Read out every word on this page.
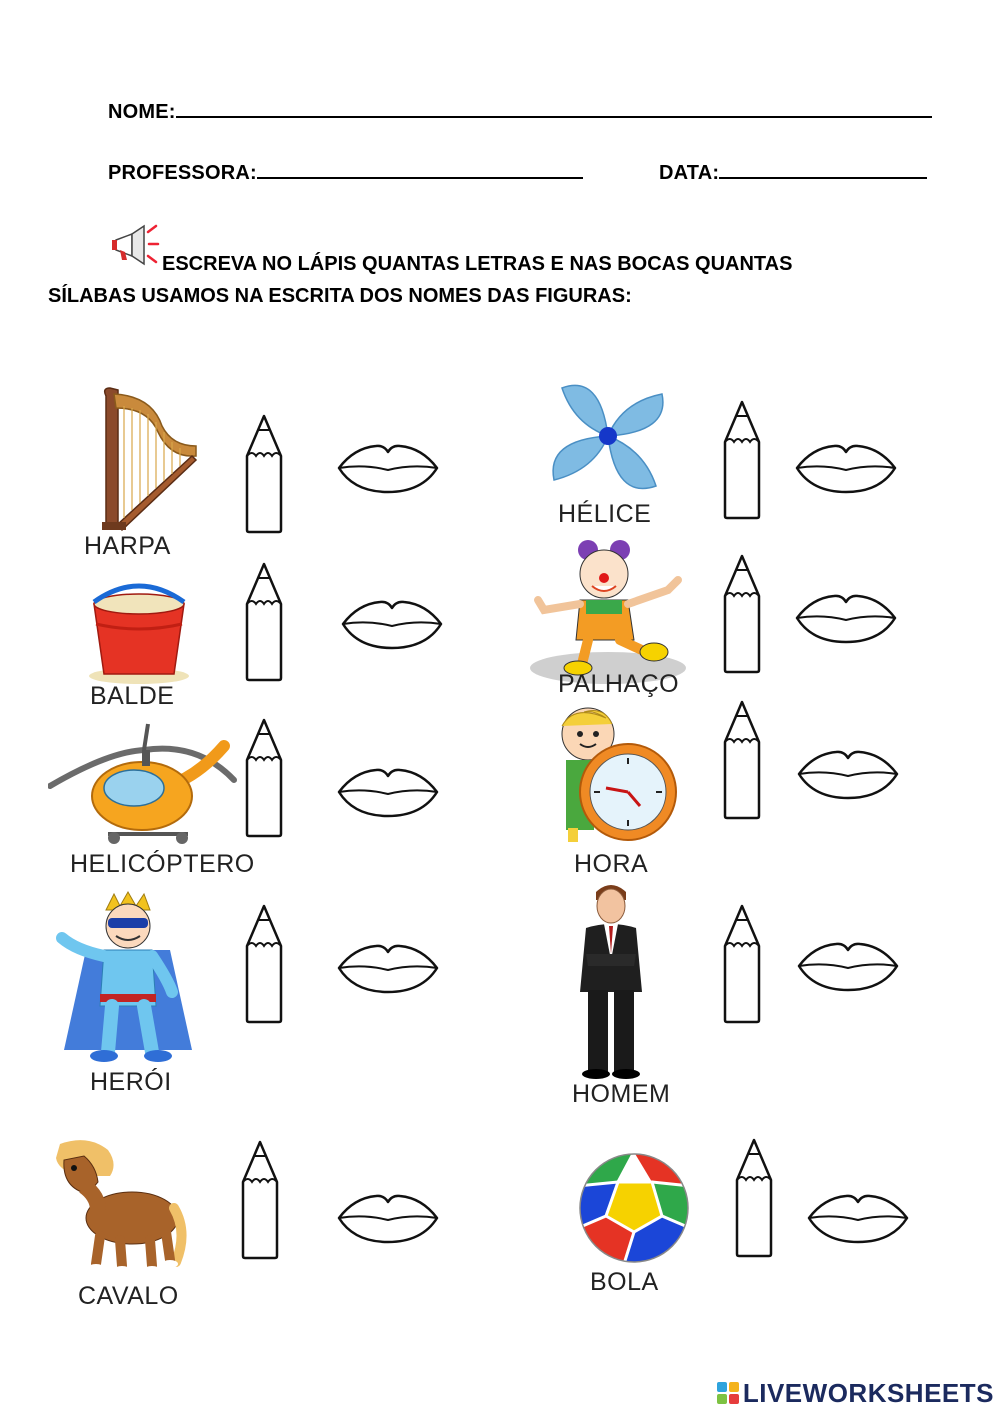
NOME:
PROFESSORA:	DATA:
ESCREVA NO LÁPIS QUANTAS LETRAS E NAS BOCAS QUANTAS
SÍLABAS USAMOS NA ESCRITA DOS NOMES DAS FIGURAS:
HARPA
HÉLICE
BALDE	PALHAÇO
HELICÓPTERO	HORA
HERÓI	HOMEM
CAVALO	BOLA
LIVEWORKSHEETS
